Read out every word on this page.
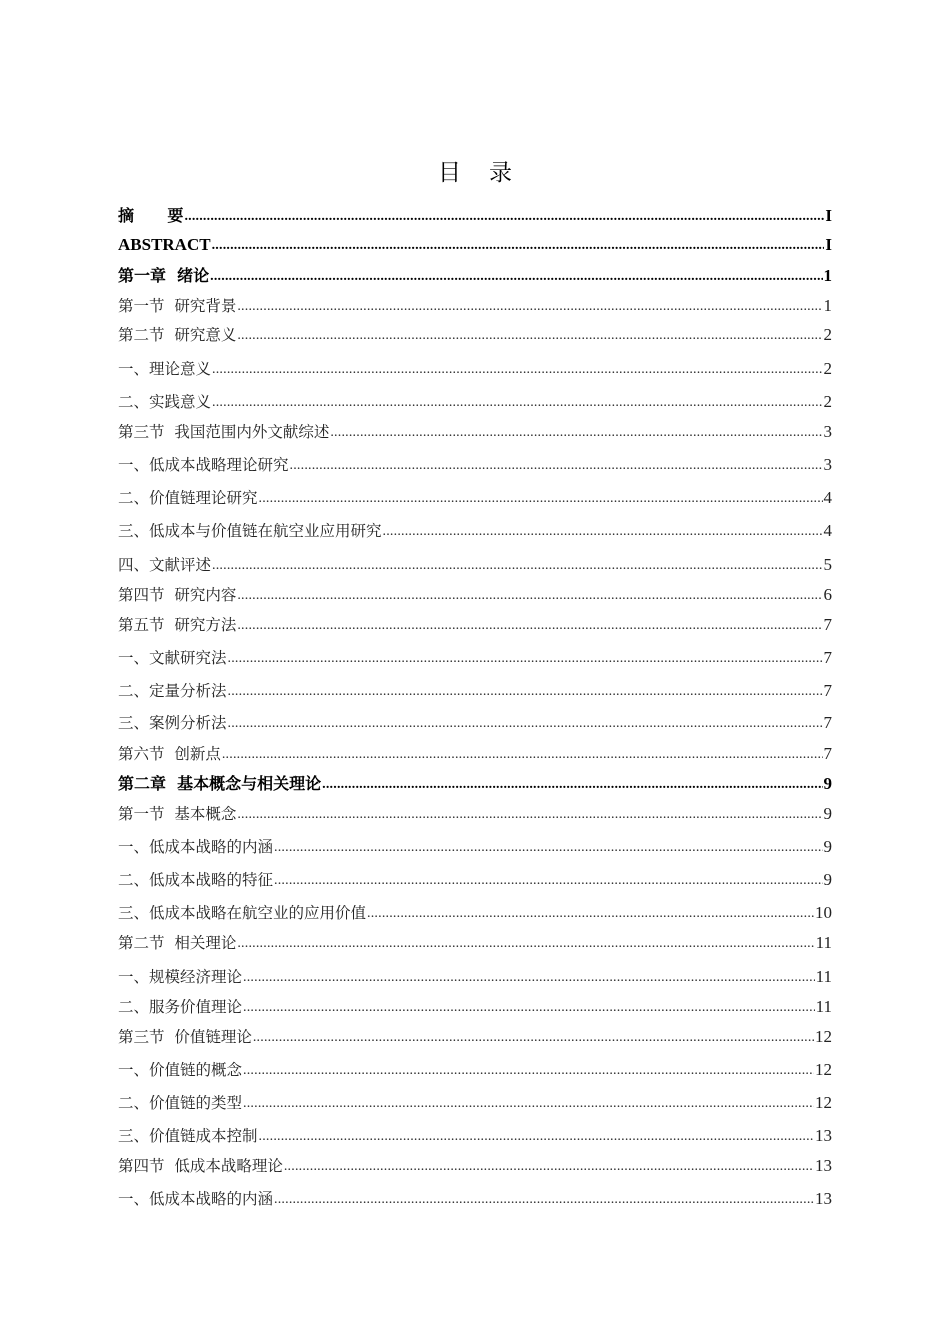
目录
摘      要 .....	I
ABSTRACT .....	I
第一章  绪论 .....	1
第一节  研究背景 .....	1
第二节  研究意义 .....	2
一、理论意义 .....	2
二、实践意义 .....	2
第三节  我国范围内外文献综述 .....	3
一、低成本战略理论研究 .....	3
二、价值链理论研究 .....	4
三、低成本与价值链在航空业应用研究 .....	4
四、文献评述 .....	5
第四节  研究内容 .....	6
第五节  研究方法 .....	7
一、文献研究法 .....	7
二、定量分析法 .....	7
三、案例分析法 .....	7
第六节  创新点 .....	7
第二章  基本概念与相关理论 .....	9
第一节  基本概念 .....	9
一、低成本战略的内涵 .....	9
二、低成本战略的特征 .....	9
三、低成本战略在航空业的应用价值 .....	10
第二节  相关理论 .....	11
一、规模经济理论 .....	11
二、服务价值理论 .....	11
第三节  价值链理论 .....	12
一、价值链的概念 .....	12
二、价值链的类型 .....	12
三、价值链成本控制 .....	13
第四节  低成本战略理论 .....	13
一、低成本战略的内涵 .....	13
